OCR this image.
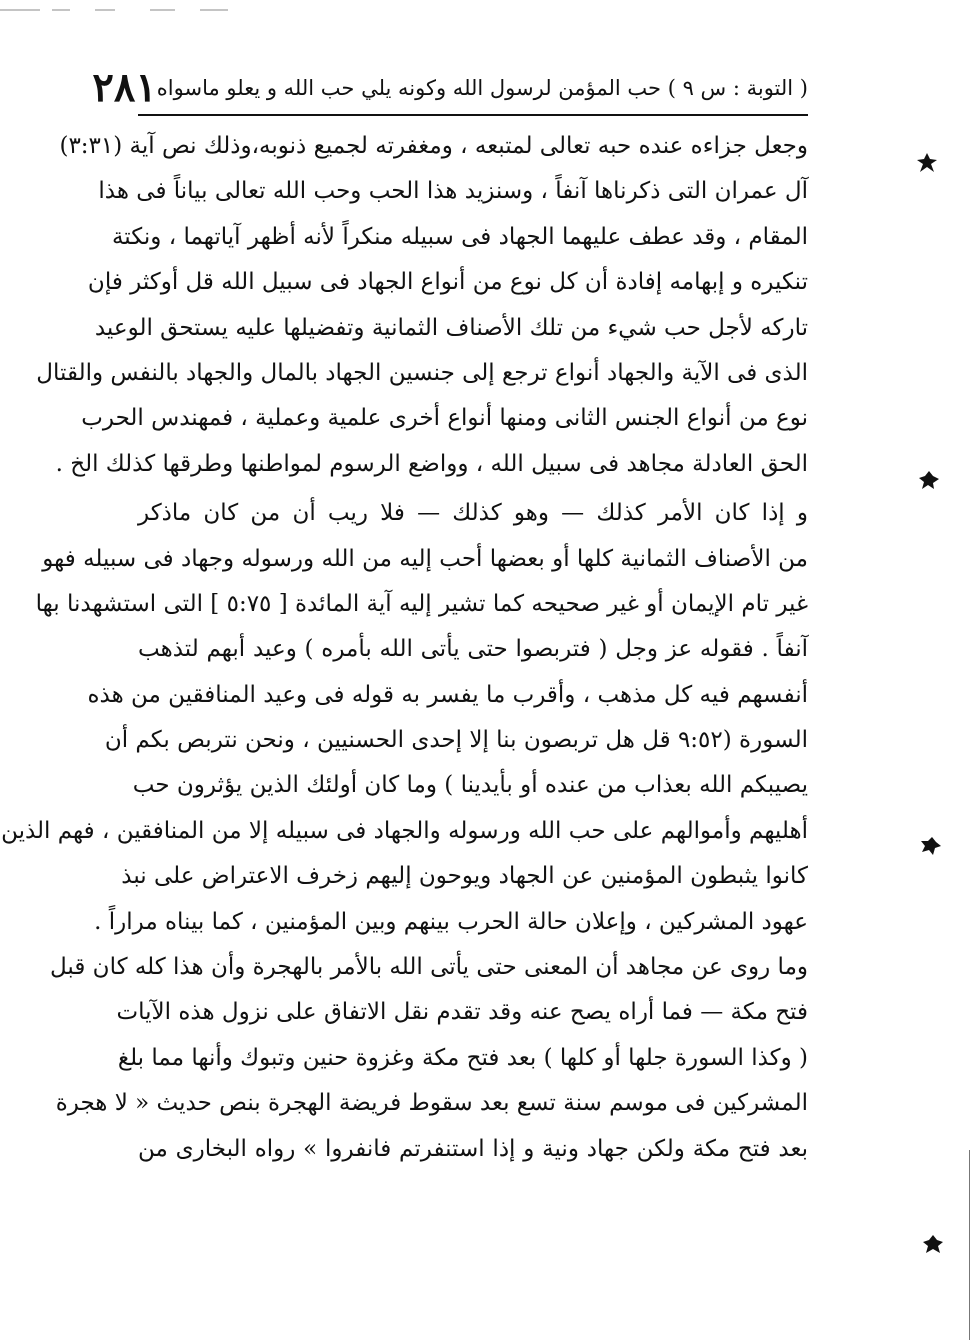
٢٨١ ( التوبة : س ٩ ) حب المؤمن لرسول الله وكونه يلي حب الله و يعلو ماسواه
وجعل جزاءه عنده حبه تعالى لمتبعه ، ومغفرته لجميع ذنوبه،وذلك نص آية (٣:٣١)
آل عمران التى ذكرناها آنفاً ، وسنزيد هذا الحب وحب الله تعالى بياناً فى هذا
المقام ، وقد عطف عليهما الجهاد فى سبيله منكراً لأنه أظهر آياتهما ، ونكتة
تنكيره و إبهامه إفادة أن كل نوع من أنواع الجهاد فى سبيل الله قل أوكثر فإن
تاركه لأجل حب شيء من تلك الأصناف الثمانية وتفضيلها عليه يستحق الوعيد
الذى فى الآية والجهاد أنواع ترجع إلى جنسين الجهاد بالمال والجهاد بالنفس والقتال
نوع من أنواع الجنس الثانى ومنها أنواع أخرى علمية وعملية ، فمهندس الحرب
الحق العادلة مجاهد فى سبيل الله ، وواضع الرسوم لمواطنها وطرقها كذلك الخ .
و إذا كان الأمر كذلك — وهو كذلك — فلا ريب أن من كان ماذكر
من الأصناف الثمانية كلها أو بعضها أحب إليه من الله ورسوله وجهاد فى سبيله فهو
غير تام الإيمان أو غير صحيحه كما تشير إليه آية المائدة [ ٥:٧٥ ] التى استشهدنا بها
آنفاً . فقوله عز وجل ( فتربصوا حتى يأتى الله بأمره ) وعيد أبهم لتذهب
أنفسهم فيه كل مذهب ، وأقرب ما يفسر به قوله فى وعيد المنافقين من هذه
السورة (٩:٥٢ قل هل تربصون بنا إلا إحدى الحسنيين ، ونحن نتربص بكم أن
يصيبكم الله بعذاب من عنده أو بأيدينا ) وما كان أولئك الذين يؤثرون حب
أهليهم وأموالهم على حب الله ورسوله والجهاد فى سبيله إلا من المنافقين ، فهم الذين
كانوا يثبطون المؤمنين عن الجهاد ويوحون إليهم زخرف الاعتراض على نبذ
عهود المشركين ، وإعلان حالة الحرب بينهم وبين المؤمنين ، كما بيناه مراراً .
وما روى عن مجاهد أن المعنى حتى يأتى الله بالأمر بالهجرة وأن هذا كله كان قبل
فتح مكة — فما أراه يصح عنه وقد تقدم نقل الاتفاق على نزول هذه الآيات
( وكذا السورة جلها أو كلها ) بعد فتح مكة وغزوة حنين وتبوك وأنها مما بلغ
المشركين فى موسم سنة تسع بعد سقوط فريضة الهجرة بنص حديث « لا هجرة
بعد فتح مكة ولكن جهاد ونية و إذا استنفرتم فانفروا » رواه البخارى من
